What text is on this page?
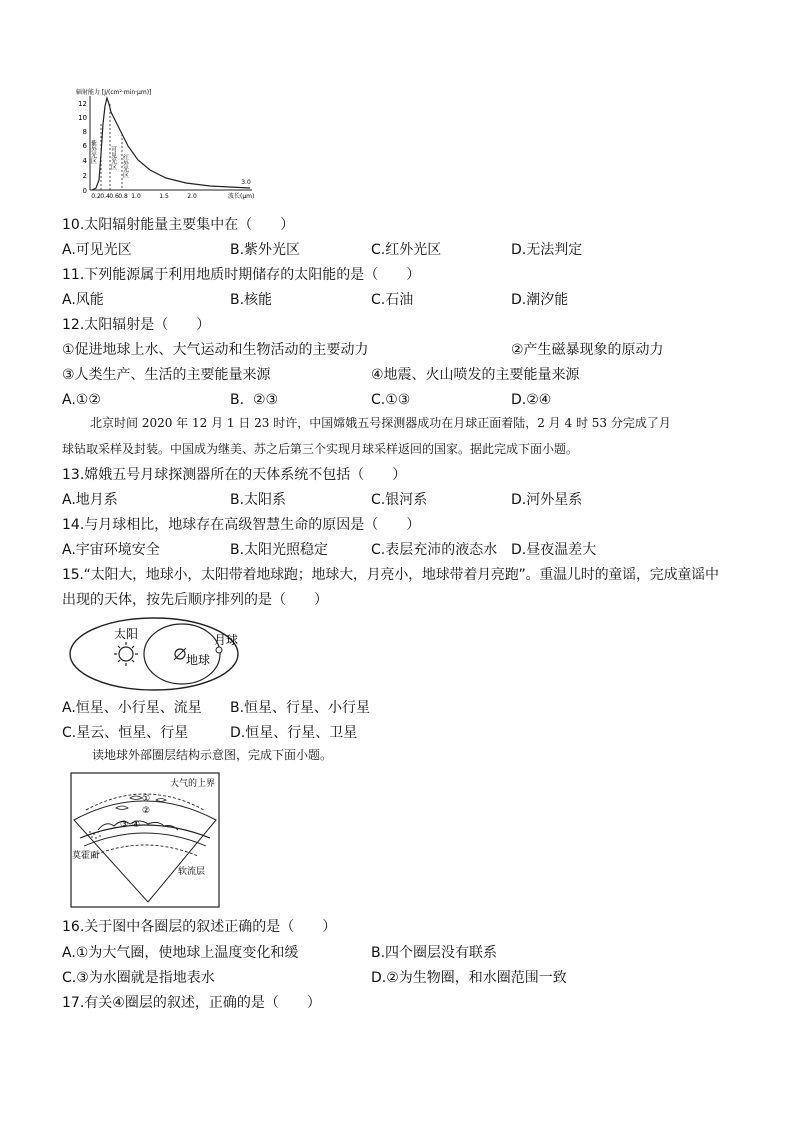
辐射能力 [J/(cm²·min·μm)]
0
2
4
6
8
10
12
紫外光区 可见光区 红外光区
0.2 0.4 0.6 0.8 1.0	1.5	2.0
3.0
波长(μm)
10.太阳辐射能量主要集中在（　　）
A.可见光区	B.紫外光区	C.红外光区	D.无法判定
11.下列能源属于利用地质时期储存的太阳能的是（　　）
A.风能	B.核能	C.石油	D.潮汐能
12.太阳辐射是（　　）
①促进地球上水、大气运动和生物活动的主要动力	②产生磁暴现象的原动力
③人类生产、生活的主要能量来源	④地震、火山喷发的主要能量来源
A.①②	B.  ②③	C.①③	D.②④
北京时间 2020 年 12 月 1 日 23 时许，中国嫦娥五号探测器成功在月球正面着陆，2 月 4 时 53 分完成了月
球钻取采样及封装。中国成为继美、苏之后第三个实现月球采样返回的国家。据此完成下面小题。
13.嫦娥五号月球探测器所在的天体系统不包括（　　）
A.地月系	B.太阳系	C.银河系	D.河外星系
14.与月球相比，地球存在高级智慧生命的原因是（　　）
A.宇宙环境安全	B.太阳光照稳定	C.表层充沛的液态水 D.昼夜温差大
15.“太阳大，地球小，太阳带着地球跑；地球大，月亮小，地球带着月亮跑”。重温儿时的童谣，完成童谣中
出现的天体，按先后顺序排列的是（　　）
太阳
地球
月球
A.恒星、小行星、流星 B.恒星、行星、小行星
C.星云、恒星、行星	D.恒星、行星、卫星
读地球外部圈层结构示意图，完成下面小题。
①
②
③ ④
大气的上界
莫霍面
软流层
16.关于图中各圈层的叙述正确的是（　　）
A.①为大气圈，使地球上温度变化和缓	B.四个圈层没有联系
C.③为水圈就是指地表水	D.②为生物圈，和水圈范围一致
17.有关④圈层的叙述，正确的是（　　）
